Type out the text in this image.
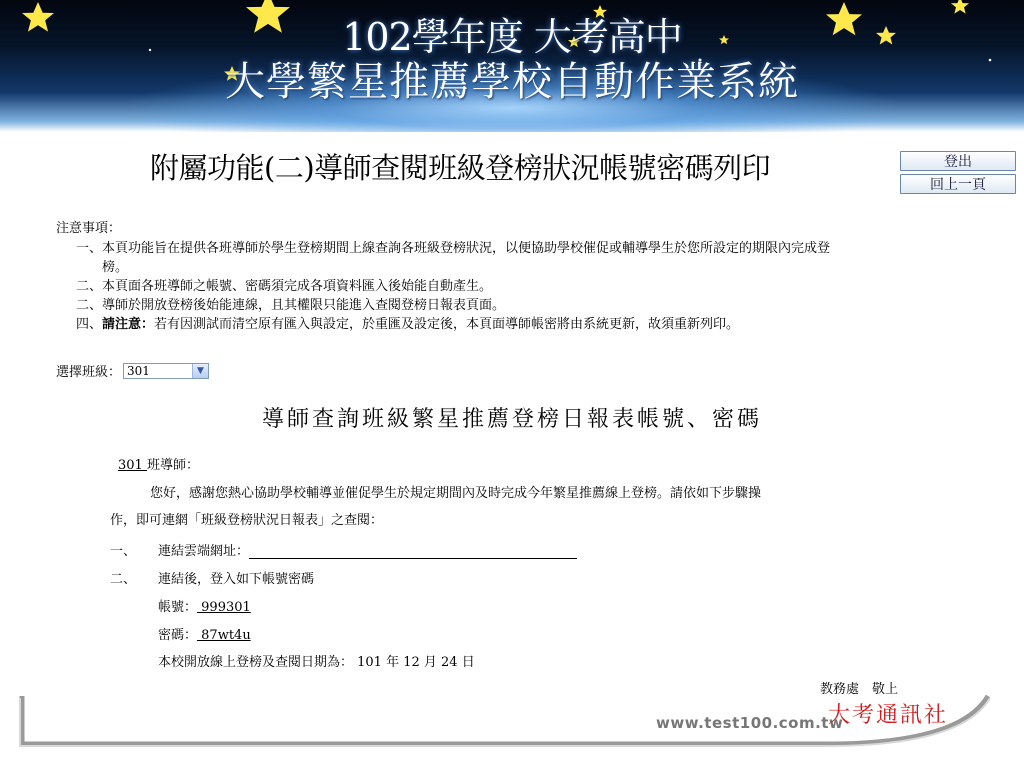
102學年度 大考高中
大學繁星推薦學校自動作業系統
附屬功能(二)導師查閱班級登榜狀況帳號密碼列印	登出
回上一頁
注意事項：
一、 本頁功能旨在提供各班導師於學生登榜期間上線查詢各班級登榜狀況，以便協助學校催促或輔導學生於您所設定的期限內完成登
榜。
二、 本頁面各班導師之帳號、密碼須完成各項資料匯入後始能自動產生。
二、 導師於開放登榜後始能連線，且其權限只能進入查閱登榜日報表頁面。
四、 請注意：若有因測試而清空原有匯入與設定，於重匯及設定後，本頁面導師帳密將由系統更新，故須重新列印。
選擇班級： 301	▼
導師查詢班級繁星推薦登榜日報表帳號、密碼
301 班導師：
您好，感謝您熱心協助學校輔導並催促學生於規定期間內及時完成今年繁星推薦線上登榜。請依如下步驟操
作，即可連網「班級登榜狀況日報表」之查閱：
一、 連結雲端網址：
二、 連結後，登入如下帳號密碼
帳號： 999301
密碼： 87wt4u
本校開放線上登榜及查閱日期為： 101 年 12 月 24 日
教務處　敬上
www.test100.com.tw
大考通訊社
